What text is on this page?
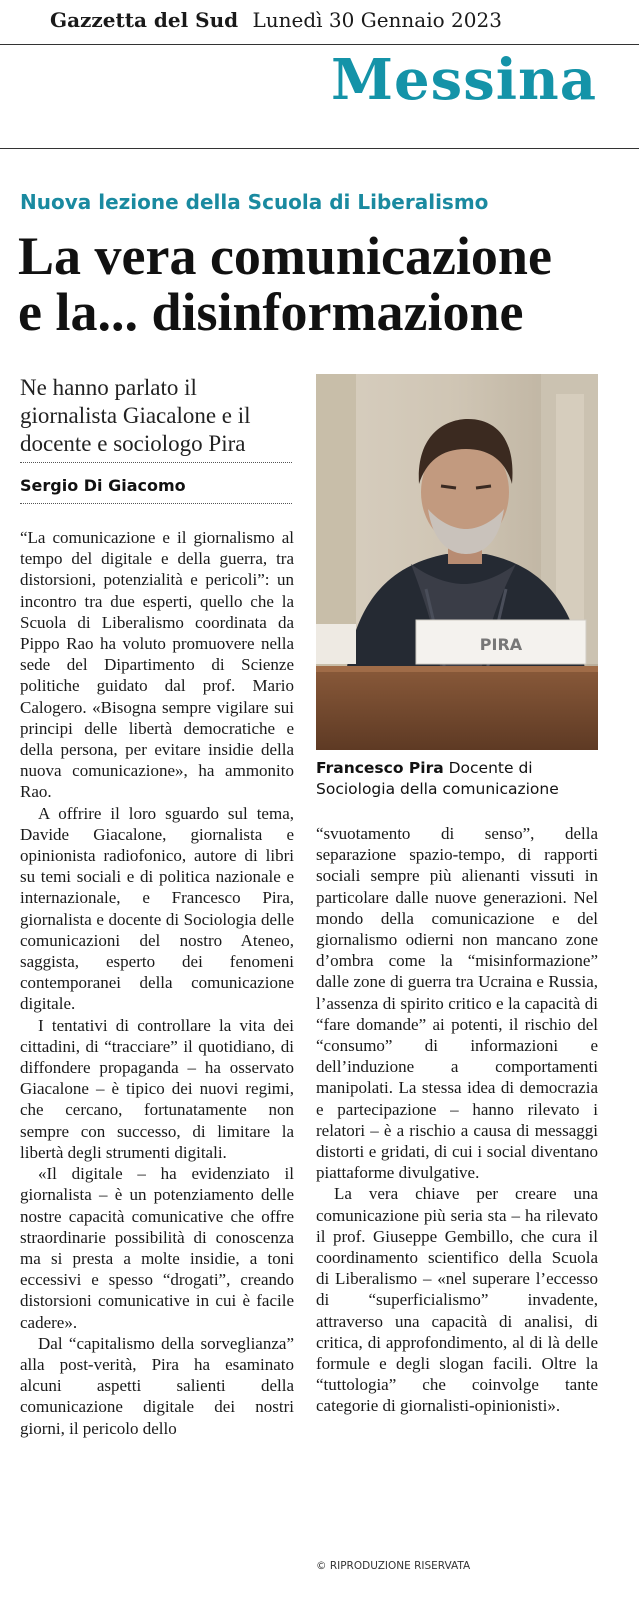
Gazzetta del Sud Lunedì 30 Gennaio 2023
Messina
Nuova lezione della Scuola di Liberalismo
La vera comunicazione
e la... disinformazione
Ne hanno parlato il
giornalista Giacalone e il
docente e sociologo Pira
Sergio Di Giacomo
PIRA
Francesco Pira Docente di Sociologia della comunicazione

“La comunicazione e il giornalismo al tempo del digitale e della guerra, tra distorsioni, potenzialità e pericoli”: un incontro tra due esperti, quello che la Scuola di Liberalismo coordinata da Pippo Rao ha voluto promuovere nella sede del Dipartimento di Scienze politiche guidato dal prof. Mario Calogero. «Bisogna sempre vigilare sui principi delle libertà democratiche e della persona, per evitare insidie della nuova comunicazione», ha ammonito Rao.

A offrire il loro sguardo sul tema, Davide Giacalone, giornalista e opinionista radiofonico, autore di libri su temi sociali e di politica nazionale e internazionale, e Francesco Pira, giornalista e docente di Sociologia delle comunicazioni del nostro Ateneo, saggista, esperto dei fenomeni contemporanei della comunicazione digitale.

I tentativi di controllare la vita dei cittadini, di “tracciare” il quotidiano, di diffondere propaganda – ha osservato Giacalone – è tipico dei nuovi regimi, che cercano, fortunatamente non sempre con successo, di limitare la libertà degli strumenti digitali.

«Il digitale – ha evidenziato il giornalista – è un potenziamento delle nostre capacità comunicative che offre straordinarie possibilità di conoscenza ma si presta a molte insidie, a toni eccessivi e spesso “drogati”, creando distorsioni comunicative in cui è facile cadere».

Dal “capitalismo della sorveglianza” alla post-verità, Pira ha esaminato alcuni aspetti salienti della comunicazione digitale dei nostri giorni, il pericolo dello

“svuotamento di senso”, della separazione spazio-tempo, di rapporti sociali sempre più alienanti vissuti in particolare dalle nuove generazioni. Nel mondo della comunicazione e del giornalismo odierni non mancano zone d’ombra come la “misinformazione” dalle zone di guerra tra Ucraina e Russia, l’assenza di spirito critico e la capacità di “fare domande” ai potenti, il rischio del “consumo” di informazioni e dell’induzione a comportamenti manipolati. La stessa idea di democrazia e partecipazione – hanno rilevato i relatori – è a rischio a causa di messaggi distorti e gridati, di cui i social diventano piattaforme divulgative.

La vera chiave per creare una comunicazione più seria sta – ha rilevato il prof. Giuseppe Gembillo, che cura il coordinamento scientifico della Scuola di Liberalismo – «nel superare l’eccesso di “superficialismo” invadente, attraverso una capacità di analisi, di critica, di approfondimento, al di là delle formule e degli slogan facili. Oltre la “tuttologia” che coinvolge tante categorie di giornalisti-opinionisti».

© RIPRODUZIONE RISERVATA
